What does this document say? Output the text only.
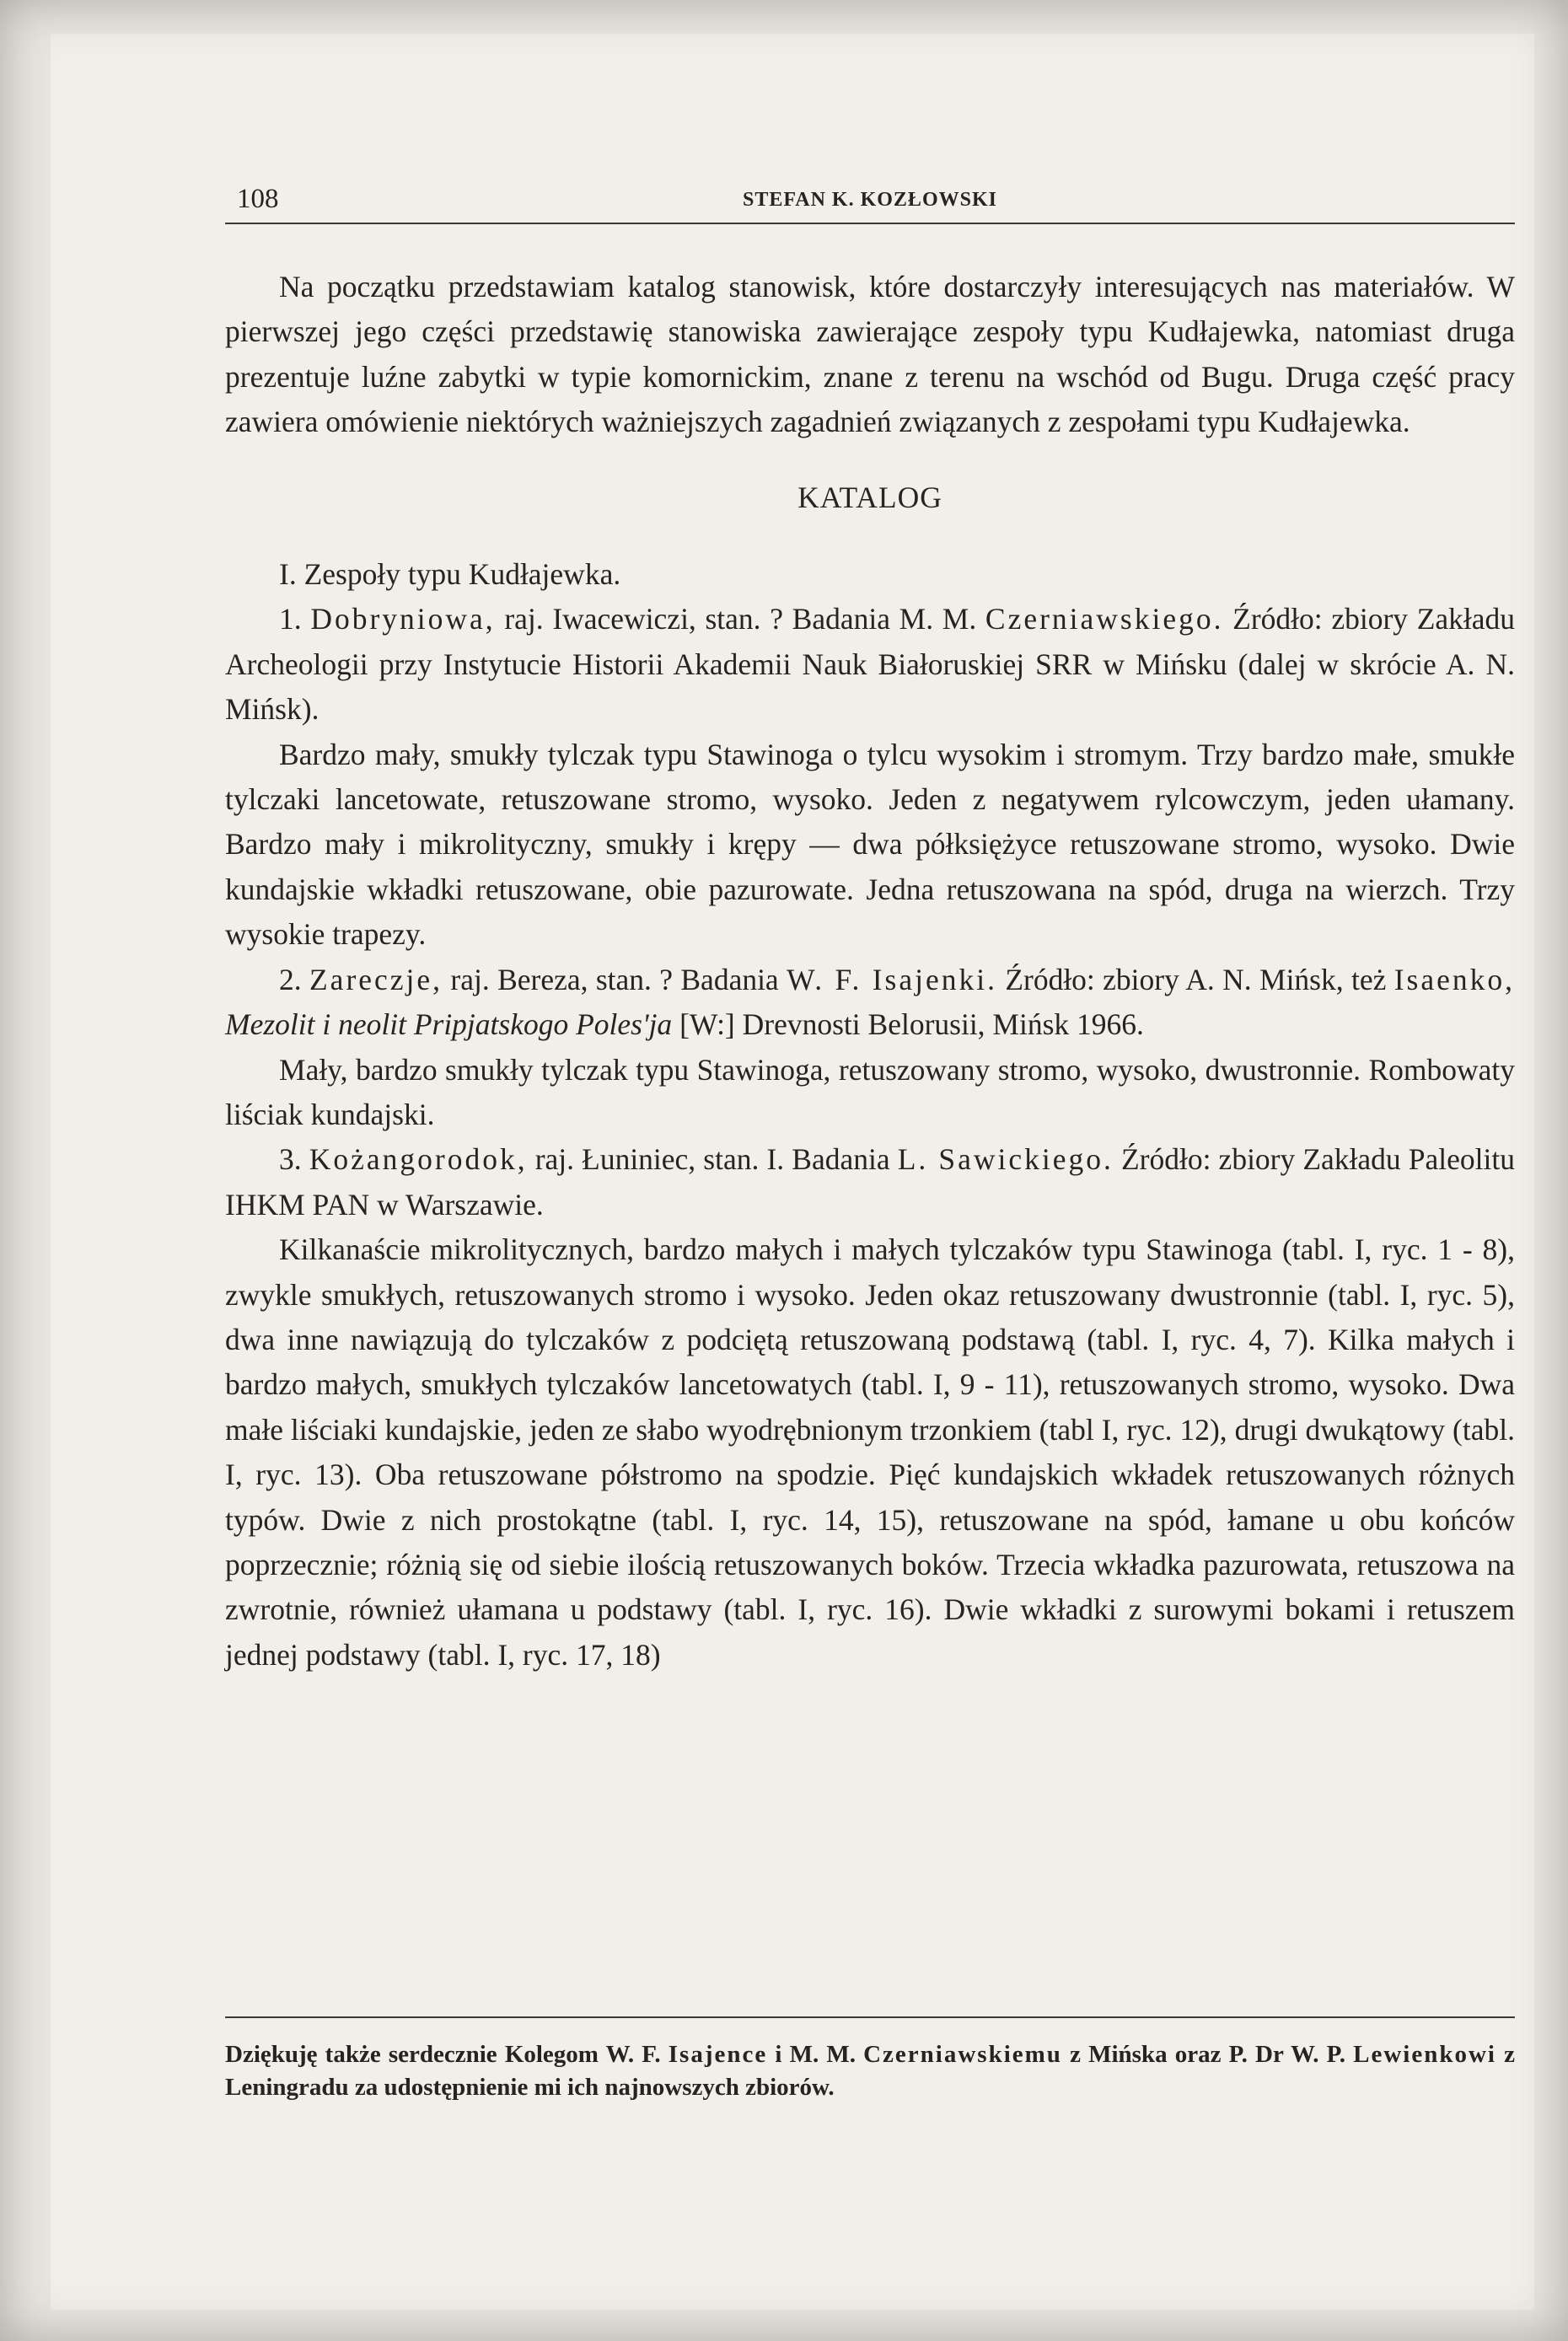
108	STEFAN K. KOZŁOWSKI

Na początku przedstawiam katalog stanowisk, które dostarczyły interesujących nas materiałów. W pierwszej jego części przedstawię stanowiska zawierające zespoły typu Kudłajewka, natomiast druga prezentuje luźne zabytki w typie komornickim, znane z terenu na wschód od Bugu. Druga część pracy zawiera omówienie niektórych ważniejszych zagadnień związanych z zespołami typu Kudłajewka.

KATALOG

I. Zespoły typu Kudłajewka.

1. Dobryniowa, raj. Iwacewiczi, stan. ? Badania M. M. Czerniawskiego. Źródło: zbiory Zakładu Archeologii przy Instytucie Historii Akademii Nauk Białoruskiej SRR w Mińsku (dalej w skrócie A. N. Mińsk).

Bardzo mały, smukły tylczak typu Stawinoga o tylcu wysokim i stromym. Trzy bardzo małe, smukłe tylczaki lancetowate, retuszowane stromo, wysoko. Jeden z negatywem rylcowczym, jeden ułamany. Bardzo mały i mikrolityczny, smukły i krępy — dwa półksiężyce retuszowane stromo, wysoko. Dwie kundajskie wkładki retuszowane, obie pazurowate. Jedna retuszowana na spód, druga na wierzch. Trzy wysokie trapezy.

2. Zareczje, raj. Bereza, stan. ? Badania W. F. Isajenki. Źródło: zbiory A. N. Mińsk, też Isaenko, Mezolit i neolit Pripjatskogo Poles'ja [W:] Drevnosti Belorusii, Mińsk 1966.

Mały, bardzo smukły tylczak typu Stawinoga, retuszowany stromo, wysoko, dwustronnie. Rombowaty liściak kundajski.

3. Kożangorodok, raj. Łuniniec, stan. I. Badania L. Sawickiego. Źródło: zbiory Zakładu Paleolitu IHKM PAN w Warszawie.

Kilkanaście mikrolitycznych, bardzo małych i małych tylczaków typu Stawinoga (tabl. I, ryc. 1 - 8), zwykle smukłych, retuszowanych stromo i wysoko. Jeden okaz retuszowany dwustronnie (tabl. I, ryc. 5), dwa inne nawiązują do tylczaków z podciętą retuszowaną podstawą (tabl. I, ryc. 4, 7). Kilka małych i bardzo małych, smukłych tylczaków lancetowatych (tabl. I, 9 - 11), retuszowanych stromo, wysoko. Dwa małe liściaki kundajskie, jeden ze słabo wyodrębnionym trzonkiem (tabl I, ryc. 12), drugi dwukątowy (tabl. I, ryc. 13). Oba retuszowane półstromo na spodzie. Pięć kundajskich wkładek retuszowanych różnych typów. Dwie z nich prostokątne (tabl. I, ryc. 14, 15), retuszowane na spód, łamane u obu końców poprzecznie; różnią się od siebie ilością retuszowanych boków. Trzecia wkładka pazurowata, retuszowa na zwrotnie, również ułamana u podstawy (tabl. I, ryc. 16). Dwie wkładki z surowymi bokami i retuszem jednej podstawy (tabl. I, ryc. 17, 18)

Dziękuję także serdecznie Kolegom W. F. Isajence i M. M. Czerniawskiemu z Mińska oraz P. Dr W. P. Lewienkowi z Leningradu za udostępnienie mi ich najnowszych zbiorów.
